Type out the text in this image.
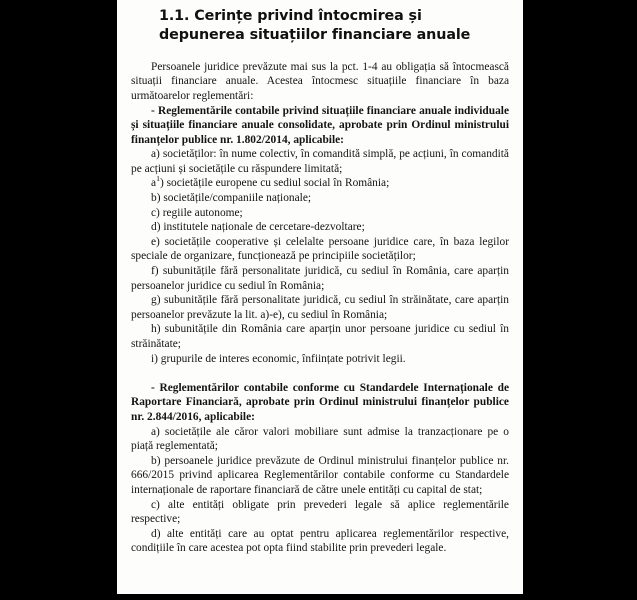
1.1. Cerințe privind întocmirea și depunerea situațiilor financiare anuale

Persoanele juridice prevăzute mai sus la pct. 1-4 au obligația să întocmească situații financiare anuale. Acestea întocmesc situațiile financiare în baza următoarelor reglementări:

- Reglementările contabile privind situațiile financiare anuale individuale și situațiile financiare anuale consolidate, aprobate prin Ordinul ministrului finanțelor publice nr. 1.802/2014, aplicabile:

a) societăților: în nume colectiv, în comandită simplă, pe acțiuni, în comandită pe acțiuni și societățile cu răspundere limitată;

$a^1$) societățile europene cu sediul social în România;

b) societățile/companiile naționale;

c) regiile autonome;

d) institutele naționale de cercetare-dezvoltare;

e) societățile cooperative și celelalte persoane juridice care, în baza legilor speciale de organizare, funcționează pe principiile societăților;

f) subunitățile fără personalitate juridică, cu sediul în România, care aparțin persoanelor juridice cu sediul în România;

g) subunitățile fără personalitate juridică, cu sediul în străinătate, care aparțin persoanelor prevăzute la lit. a)-e), cu sediul în România;

h) subunitățile din România care aparțin unor persoane juridice cu sediul în străinătate;

i) grupurile de interes economic, înființate potrivit legii.

- Reglementărilor contabile conforme cu Standardele Internaționale de Raportare Financiară, aprobate prin Ordinul ministrului finanțelor publice nr. 2.844/2016, aplicabile:

a) societățile ale căror valori mobiliare sunt admise la tranzacționare pe o piață reglementată;

b) persoanele juridice prevăzute de Ordinul ministrului finanțelor publice nr. 666/2015 privind aplicarea Reglementărilor contabile conforme cu Standardele internaționale de raportare financiară de către unele entități cu capital de stat;

c) alte entități obligate prin prevederi legale să aplice reglementările respective;

d) alte entități care au optat pentru aplicarea reglementărilor respective, condițiile în care acestea pot opta fiind stabilite prin prevederi legale.
